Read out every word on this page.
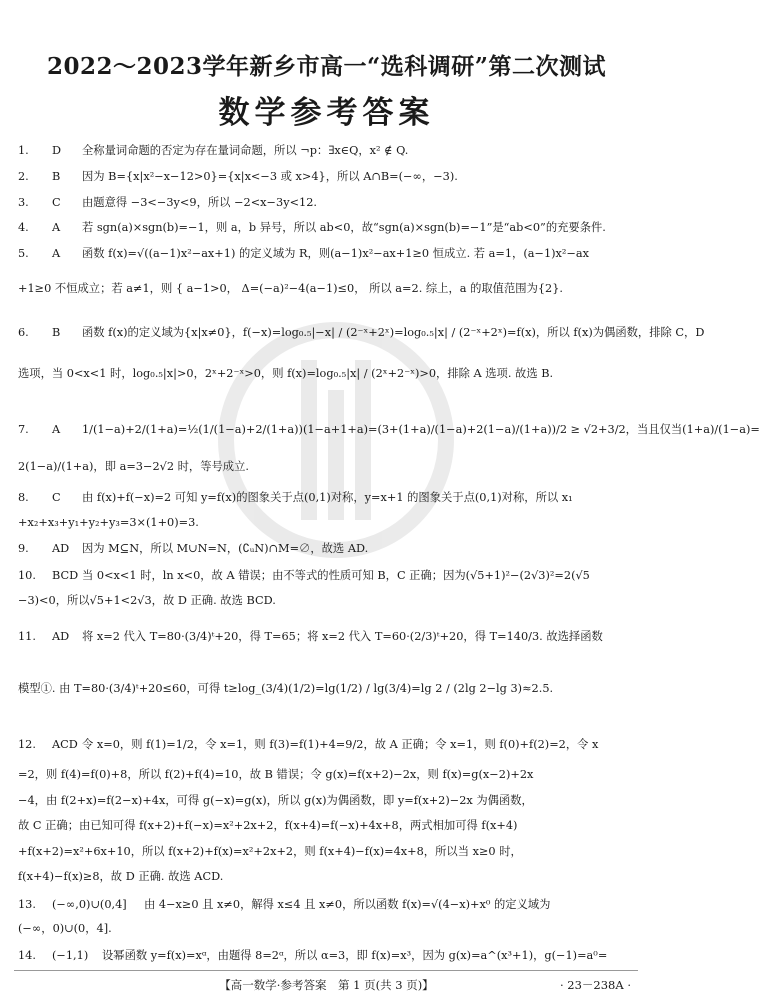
2022～2023学年新乡市高一“选科调研”第二次测试
数学参考答案
1. D 全称量词命题的否定为存在量词命题，所以 ¬p：∃x∈Q，x² ∉ Q.
2. B 因为 B={x|x²−x−12>0}={x|x<−3 或 x>4}，所以 A∩B=(−∞，−3).
3. C 由题意得 −3<−3y<9，所以 −2<x−3y<12.
4. A 若 sgn(a)×sgn(b)=−1，则 a，b 异号，所以 ab<0，故“sgn(a)×sgn(b)=−1”是“ab<0”的充要条件.
5. A 函数 f(x)=√((a−1)x²−ax+1) 的定义域为 R，则(a−1)x²−ax+1≥0 恒成立. 若 a=1，(a−1)x²−ax
+1≥0 不恒成立；若 a≠1，则 { a−1>0， Δ=(−a)²−4(a−1)≤0， 所以 a=2. 综上，a 的取值范围为{2}.
6. B 函数 f(x)的定义域为{x|x≠0}，f(−x)=log₀.₅|−x| / (2⁻ˣ+2ˣ)=log₀.₅|x| / (2⁻ˣ+2ˣ)=f(x)，所以 f(x)为偶函数，排除 C，D
选项，当 0<x<1 时，log₀.₅|x|>0，2ˣ+2⁻ˣ>0，则 f(x)=log₀.₅|x| / (2ˣ+2⁻ˣ)>0，排除 A 选项. 故选 B.
7. A 1/(1−a)+2/(1+a)=½(1/(1−a)+2/(1+a))(1−a+1+a)=(3+(1+a)/(1−a)+2(1−a)/(1+a))/2 ≥ √2+3/2，当且仅当(1+a)/(1−a)=
2(1−a)/(1+a)，即 a=3−2√2 时，等号成立.
8. C 由 f(x)+f(−x)=2 可知 y=f(x)的图象关于点(0,1)对称，y=x+1 的图象关于点(0,1)对称，所以 x₁
+x₂+x₃+y₁+y₂+y₃=3×(1+0)=3.
9. AD 因为 M⊆N，所以 M∪N=N，(∁ᵤN)∩M=∅，故选 AD.
10. BCD 当 0<x<1 时，ln x<0，故 A 错误；由不等式的性质可知 B，C 正确；因为(√5+1)²−(2√3)²=2(√5
−3)<0，所以√5+1<2√3，故 D 正确. 故选 BCD.
11. AD 将 x=2 代入 T=80·(3/4)ᵗ+20，得 T=65；将 x=2 代入 T=60·(2/3)ᵗ+20，得 T=140/3. 故选择函数
模型①. 由 T=80·(3/4)ᵗ+20≤60，可得 t≥log_(3/4)(1/2)=lg(1/2) / lg(3/4)=lg 2 / (2lg 2−lg 3)≈2.5.
12. ACD 令 x=0，则 f(1)=1/2，令 x=1，则 f(3)=f(1)+4=9/2，故 A 正确；令 x=1，则 f(0)+f(2)=2，令 x
=2，则 f(4)=f(0)+8，所以 f(2)+f(4)=10，故 B 错误；令 g(x)=f(x+2)−2x，则 f(x)=g(x−2)+2x
−4，由 f(2+x)=f(2−x)+4x，可得 g(−x)=g(x)，所以 g(x)为偶函数，即 y=f(x+2)−2x 为偶函数，
故 C 正确；由已知可得 f(x+2)+f(−x)=x²+2x+2，f(x+4)=f(−x)+4x+8，两式相加可得 f(x+4)
+f(x+2)=x²+6x+10，所以 f(x+2)+f(x)=x²+2x+2，则 f(x+4)−f(x)=4x+8，所以当 x≥0 时，
f(x+4)−f(x)≥8，故 D 正确. 故选 ACD.
13. (−∞,0)∪(0,4] 由 4−x≥0 且 x≠0，解得 x≤4 且 x≠0，所以函数 f(x)=√(4−x)+x⁰ 的定义域为
(−∞，0)∪(0，4].
14. (−1,1) 设幂函数 y=f(x)=xᵅ，由题得 8=2ᵅ，所以 α=3，即 f(x)=x³，因为 g(x)=a^(x³+1)，g(−1)=a⁰=
【高一数学·参考答案　第 1 页(共 3 页)】	· 23－238A ·
